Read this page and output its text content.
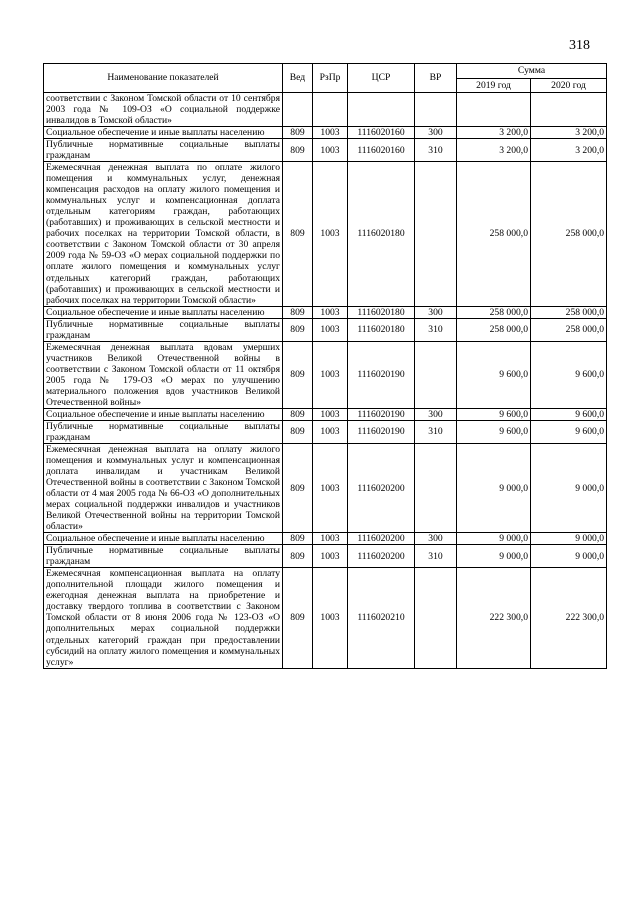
318
Наименование показателей	Вед	РзПр	ЦСР	ВР	Сумма	
					2019 год	2020 год
соответствии с Законом Томской области от 10 сентября 2003 года № 109-ОЗ «О социальной поддержке инвалидов в Томской области»						
Социальное обеспечение и иные выплаты населению	809	1003	1116020160	300	3 200,0	3 200,0
Публичные нормативные социальные выплаты гражданам	809	1003	1116020160	310	3 200,0	3 200,0
Ежемесячная денежная выплата по оплате жилого помещения и коммунальных услуг, денежная компенсация расходов на оплату жилого помещения и коммунальных услуг и компенсационная доплата отдельным категориям граждан, работающих (работавших) и проживающих в сельской местности и рабочих поселках на территории Томской области, в соответствии с Законом Томской области от 30 апреля 2009 года № 59-ОЗ «О мерах социальной поддержки по оплате жилого помещения и коммунальных услуг отдельных категорий граждан, работающих (работавших) и проживающих в сельской местности и рабочих поселках на территории Томской области»	809	1003	1116020180		258 000,0	258 000,0
Социальное обеспечение и иные выплаты населению	809	1003	1116020180	300	258 000,0	258 000,0
Публичные нормативные социальные выплаты гражданам	809	1003	1116020180	310	258 000,0	258 000,0
Ежемесячная денежная выплата вдовам умерших участников Великой Отечественной войны в соответствии с Законом Томской области от 11 октября 2005 года № 179-ОЗ «О мерах по улучшению материального положения вдов участников Великой Отечественной войны»	809	1003	1116020190		9 600,0	9 600,0
Социальное обеспечение и иные выплаты населению	809	1003	1116020190	300	9 600,0	9 600,0
Публичные нормативные социальные выплаты гражданам	809	1003	1116020190	310	9 600,0	9 600,0
Ежемесячная денежная выплата на оплату жилого помещения и коммунальных услуг и компенсационная доплата инвалидам и участникам Великой Отечественной войны в соответствии с Законом Томской области от 4 мая 2005 года № 66-ОЗ «О дополнительных мерах социальной поддержки инвалидов и участников Великой Отечественной войны на территории Томской области»	809	1003	1116020200		9 000,0	9 000,0
Социальное обеспечение и иные выплаты населению	809	1003	1116020200	300	9 000,0	9 000,0
Публичные нормативные социальные выплаты гражданам	809	1003	1116020200	310	9 000,0	9 000,0
Ежемесячная компенсационная выплата на оплату дополнительной площади жилого помещения и ежегодная денежная выплата на приобретение и доставку твердого топлива в соответствии с Законом Томской области от 8 июня 2006 года № 123-ОЗ «О дополнительных мерах социальной поддержки отдельных категорий граждан при предоставлении субсидий на оплату жилого помещения и коммунальных услуг»	809	1003	1116020210		222 300,0	222 300,0
